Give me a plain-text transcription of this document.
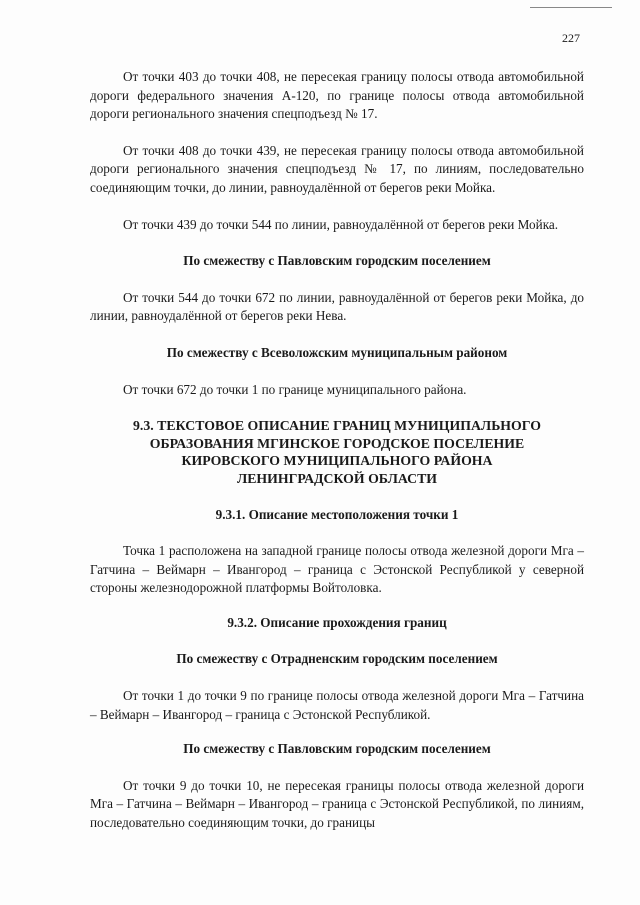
227

От точки 403 до точки 408, не пересекая границу полосы отвода автомобильной дороги федерального значения А-120, по границе полосы отвода автомобильной дороги регионального значения спецподъезд № 17.

От точки 408 до точки 439, не пересекая границу полосы отвода автомобильной дороги регионального значения спецподъезд № 17, по линиям, последовательно соединяющим точки, до линии, равноудалённой от берегов реки Мойка.

От точки 439 до точки 544 по линии, равноудалённой от берегов реки Мойка.

По смежеству с Павловским городским поселением

От точки 544 до точки 672 по линии, равноудалённой от берегов реки Мойка, до линии, равноудалённой от берегов реки Нева.

По смежеству с Всеволожским муниципальным районом

От точки 672 до точки 1 по границе муниципального района.

9.3. ТЕКСТОВОЕ ОПИСАНИЕ ГРАНИЦ МУНИЦИПАЛЬНОГО
ОБРАЗОВАНИЯ МГИНСКОЕ ГОРОДСКОЕ ПОСЕЛЕНИЕ
КИРОВСКОГО МУНИЦИПАЛЬНОГО РАЙОНА
ЛЕНИНГРАДСКОЙ ОБЛАСТИ

9.3.1. Описание местоположения точки 1

Точка 1 расположена на западной границе полосы отвода железной дороги Мга – Гатчина – Веймарн – Ивангород – граница с Эстонской Республикой у северной стороны железнодорожной платформы Войтоловка.

9.3.2. Описание прохождения границ

По смежеству с Отрадненским городским поселением

От точки 1 до точки 9 по границе полосы отвода железной дороги Мга – Гатчина – Веймарн – Ивангород – граница с Эстонской Республикой.

По смежеству с Павловским городским поселением

От точки 9 до точки 10, не пересекая границы полосы отвода железной дороги Мга – Гатчина – Веймарн – Ивангород – граница с Эстонской Республикой, по линиям, последовательно соединяющим точки, до границы
